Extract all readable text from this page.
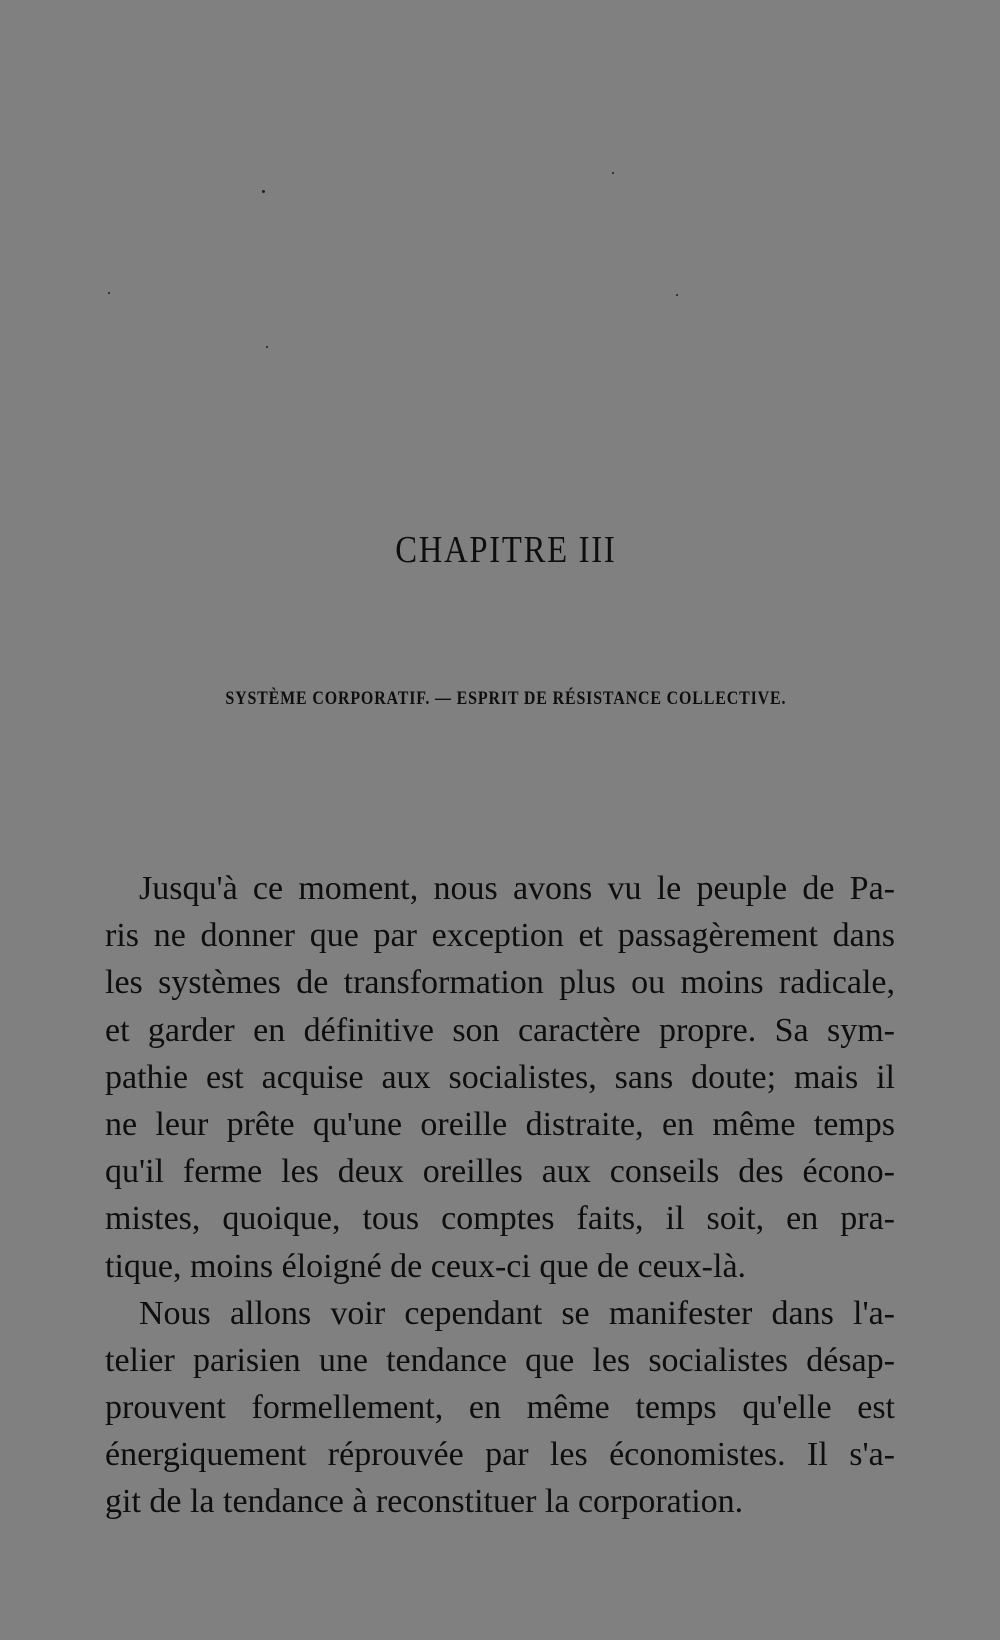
CHAPITRE III
SYSTÈME CORPORATIF. — ESPRIT DE RÉSISTANCE COLLECTIVE.
Jusqu'à ce moment, nous avons vu le peuple de Pa-
ris ne donner que par exception et passagèrement dans
les systèmes de transformation plus ou moins radicale,
et garder en définitive son caractère propre. Sa sym-
pathie est acquise aux socialistes, sans doute; mais il
ne leur prête qu'une oreille distraite, en même temps
qu'il ferme les deux oreilles aux conseils des écono-
mistes, quoique, tous comptes faits, il soit, en pra-
tique, moins éloigné de ceux-ci que de ceux-là.
Nous allons voir cependant se manifester dans l'a-
telier parisien une tendance que les socialistes désap-
prouvent formellement, en même temps qu'elle est
énergiquement réprouvée par les économistes. Il s'a-
git de la tendance à reconstituer la corporation.
